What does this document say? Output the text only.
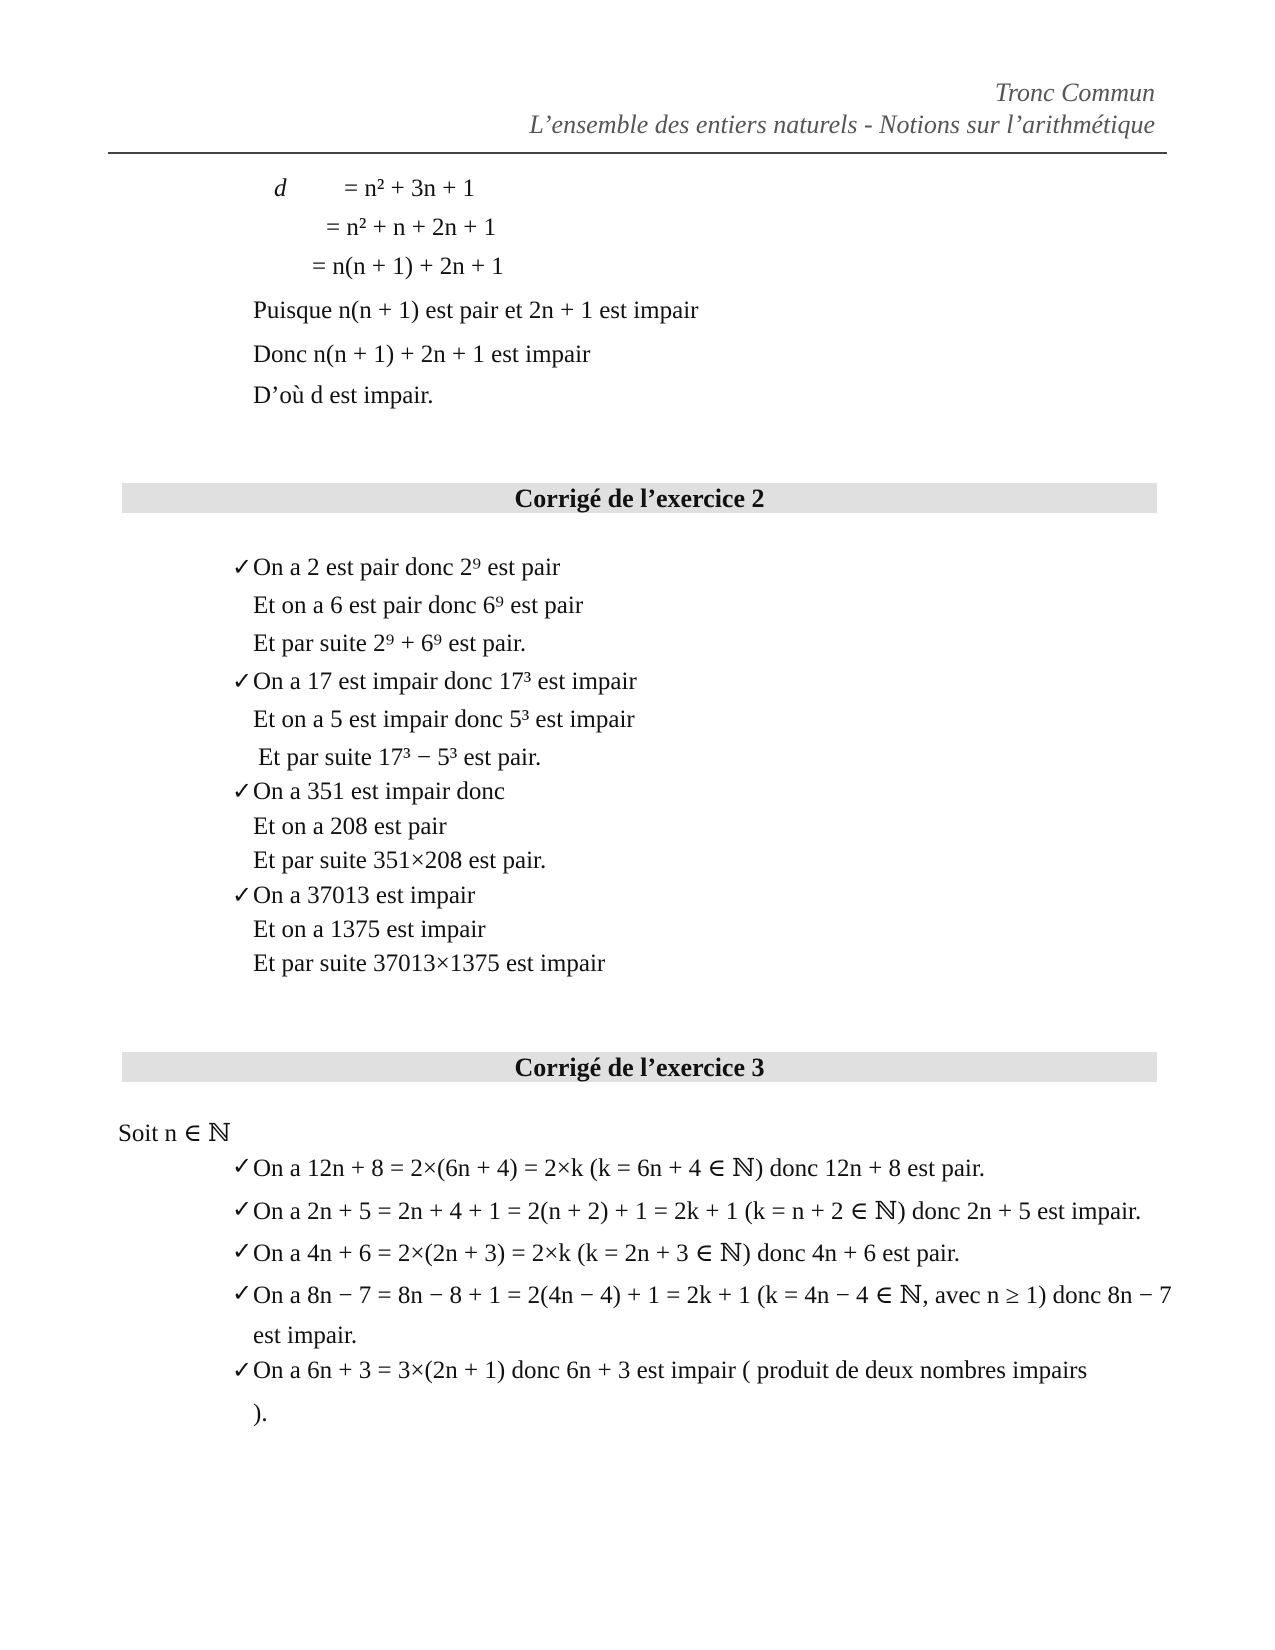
Tronc Commun
L’ensemble des entiers naturels - Notions sur l’arithmétique
d = n² + 3n + 1
= n² + n + 2n + 1
= n(n + 1) + 2n + 1
Puisque n(n + 1) est pair et 2n + 1 est impair
Donc n(n + 1) + 2n + 1 est impair
D’où d est impair.
Corrigé de l’exercice 2
✓ On a 2 est pair donc 2⁹ est pair
Et on a 6 est pair donc 6⁹ est pair
Et par suite 2⁹ + 6⁹ est pair.
✓ On a 17 est impair donc 17³ est impair
Et on a 5 est impair donc 5³ est impair
Et par suite 17³ − 5³ est pair.
✓ On a 351 est impair donc
Et on a 208 est pair
Et par suite 351×208 est pair.
✓ On a 37013 est impair
Et on a 1375 est impair
Et par suite 37013×1375 est impair
Corrigé de l’exercice 3
Soit n ∈ ℕ
✓ On a 12n + 8 = 2×(6n + 4) = 2×k (k = 6n + 4 ∈ ℕ) donc 12n + 8 est pair.
✓ On a 2n + 5 = 2n + 4 + 1 = 2(n + 2) + 1 = 2k + 1 (k = n + 2 ∈ ℕ) donc 2n + 5 est impair.
✓ On a 4n + 6 = 2×(2n + 3) = 2×k (k = 2n + 3 ∈ ℕ) donc 4n + 6 est pair.
✓ On a 8n − 7 = 8n − 8 + 1 = 2(4n − 4) + 1 = 2k + 1 (k = 4n − 4 ∈ ℕ, avec n ≥ 1) donc 8n − 7
est impair.
✓ On a 6n + 3 = 3×(2n + 1) donc 6n + 3 est impair ( produit de deux nombres impairs
).
